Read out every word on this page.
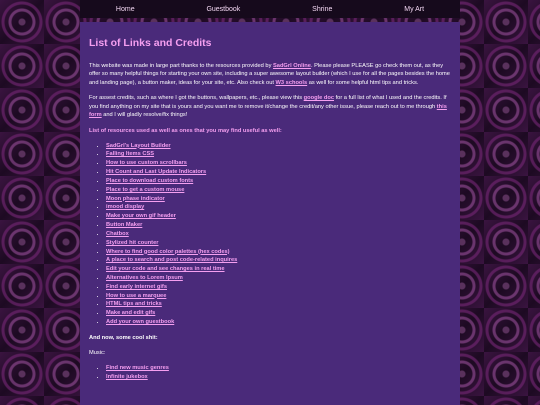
Home	Guestbook	Shrine	My Art
List of Links and Credits

This website was made in large part thanks to the resources provided by SadGrl Online. Please please PLEASE go check them out, as they offer so many helpful things for starting your own site, including a super awesome layout builder (which I use for all the pages besides the home and landing page), a button maker, ideas for your site, etc. Also check out W3 schools as well for some helpful html tips and tricks.

For assest credits, such as where I got the buttons, wallpapers, etc., please view this google doc for a full list of what I used and the credits. If you find anything on my site that is yours and you want me to remove it/change the credit/any other issue, please reach out to me through this form and I will gladly resolve/fix things!

List of resources used as well as ones that you may find useful as well:
• SadGrl's Layout Builder
• Falling Items CSS
• How to use custom scrollbars
• Hit Count and Last Update Indicators
• Place to download custom fonts
• Place to get a custom mouse
• Moon phase indicator
• imood display
• Make your own gif header
• Button Maker
• Chatbox
• Stylized hit counter
• Where to find good color palettes (hex codes)
• A place to search and post code-related inquires
• Edit your code and see changes in real time
• Alternatives to Lorem Ipsum
• Find early internet gifs
• How to use a marquee
• HTML tips and tricks
• Make and edit gifs
• Add your own guestbook
And now, some cool shit:

Music:

• Find new music genres
• Infinite jukebox
